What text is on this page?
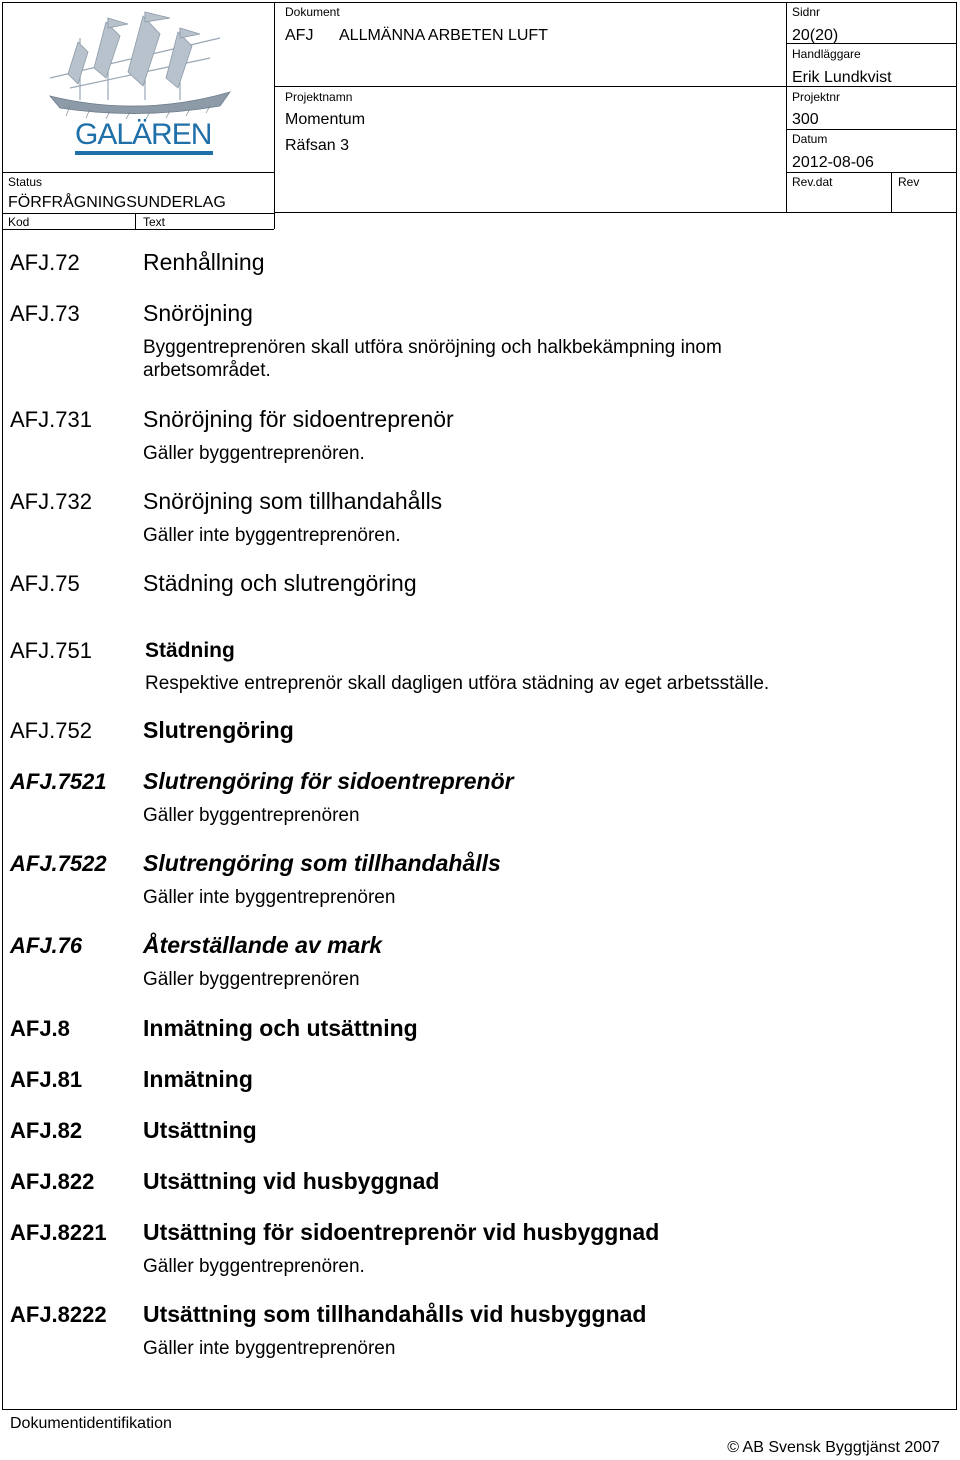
GALÄREN
Status
FÖRFRÅGNINGSUNDERLAG
Kod	Text
Dokument
AFJ ALLMÄNNA ARBETEN LUFT
Projektnamn
Momentum
Räfsan 3
Sidnr
20(20)
Handläggare
Erik Lundkvist
Projektnr
300
Datum
2012-08-06
Rev.dat	Rev
AFJ.72	Renhållning
AFJ.73	Snöröjning
Byggentreprenören skall utföra snöröjning och halkbekämpning inom
arbetsområdet.
AFJ.731 Snöröjning för sidoentreprenör
Gäller byggentreprenören.
AFJ.732 Snöröjning som tillhandahålls
Gäller inte byggentreprenören.
AFJ.75	Städning och slutrengöring
AFJ.751	Städning
Respektive entreprenör skall dagligen utföra städning av eget arbetsställe.
AFJ.752 Slutrengöring
AFJ.7521 Slutrengöring för sidoentreprenör
Gäller byggentreprenören
AFJ.7522 Slutrengöring som tillhandahålls
Gäller inte byggentreprenören
AFJ.76	Återställande av mark
Gäller byggentreprenören
AFJ.8	Inmätning och utsättning
AFJ.81	Inmätning
AFJ.82	Utsättning
AFJ.822 Utsättning vid husbyggnad
AFJ.8221 Utsättning för sidoentreprenör vid husbyggnad
Gäller byggentreprenören.
AFJ.8222 Utsättning som tillhandahålls vid husbyggnad
Gäller inte byggentreprenören
Dokumentidentifikation
© AB Svensk Byggtjänst 2007
